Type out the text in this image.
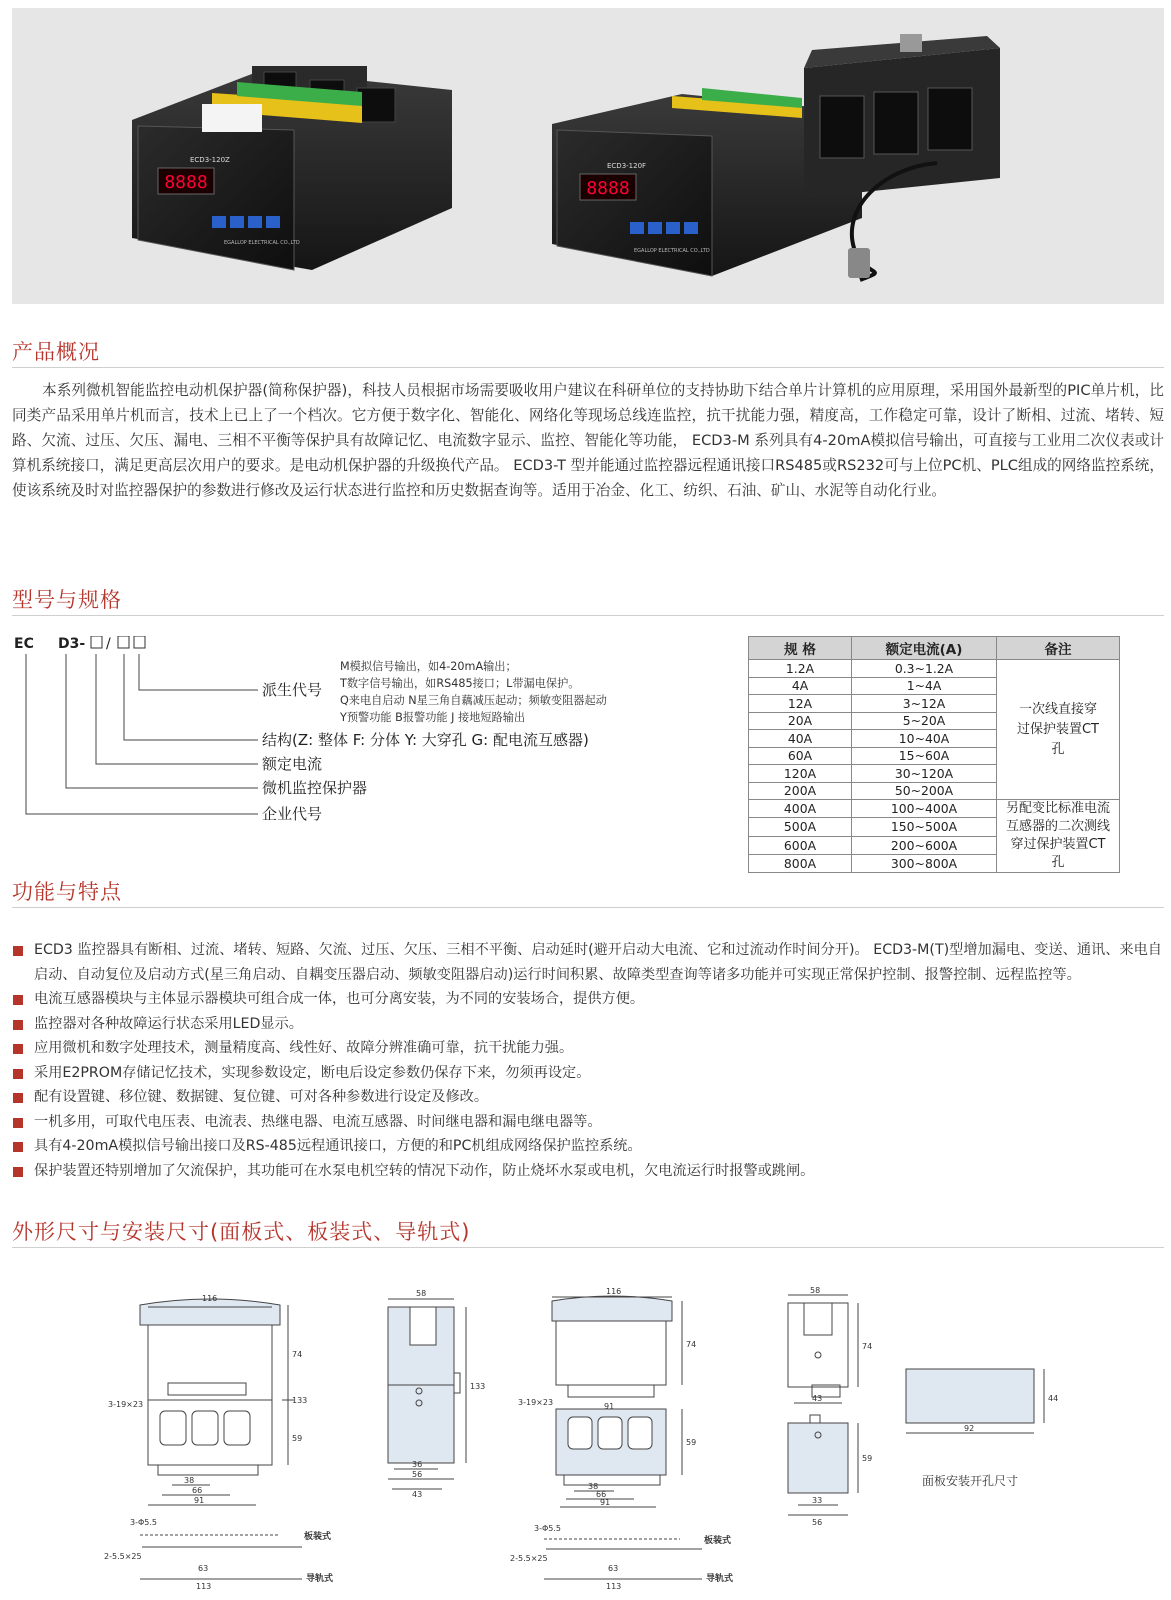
8888
ECD3-120Z
EGALLOP ELECTRICAL CO.,LTD
8888
ECD3-120F
EGALLOP ELECTRICAL CO.,LTD
产品概况
本系列微机智能监控电动机保护器(简称保护器)，科技人员根据市场需要吸收用户建议在科研单位的支持协助下结合单片计算机的应用原理，采用国外最新型的PIC单片机，比同类产品采用单片机而言，技术上已上了一个档次。它方便于数字化、智能化、网络化等现场总线连监控，抗干扰能力强，精度高，工作稳定可靠，设计了断相、过流、堵转、短路、欠流、过压、欠压、漏电、三相不平衡等保护具有故障记忆、电流数字显示、监控、智能化等功能， ECD3-M 系列具有4-20mA模拟信号输出，可直接与工业用二次仪表或计算机系统接口，满足更高层次用户的要求。是电动机保护器的升级换代产品。 ECD3-T 型并能通过监控器远程通讯接口RS485或RS232可与上位PC机、PLC组成的网络监控系统，使该系统及时对监控器保护的参数进行修改及运行状态进行监控和历史数据查询等。适用于冶金、化工、纺织、石油、矿山、水泥等自动化行业。
型号与规格
EC D3- /
派生代号
M模拟信号输出，如4-20mA输出；
T数字信号输出，如RS485接口；L带漏电保护。
Q来电自启动 N星三角自藕减压起动；频敏变阻器起动
Y预警功能 B报警功能 J 接地短路输出
结构(Z: 整体 F: 分体 Y: 大穿孔 G: 配电流互感器)
额定电流
微机监控保护器
企业代号
规 格	额定电流(A)	备注
1.2A	0.3~1.2A	一次线直接穿过保护装置CT孔
4A	1~4A	
12A	3~12A	
20A	5~20A	
40A	10~40A	
60A	15~60A	
120A	30~120A	
200A	50~200A	
400A	100~400A	另配变比标准电流互感器的二次测线穿过保护装置CT孔
500A	150~500A	
600A	200~600A	
800A	300~800A	
功能与特点
ECD3 监控器具有断相、过流、堵转、短路、欠流、过压、欠压、三相不平衡、启动延时(避开启动大电流、它和过流动作时间分开)。 ECD3-M(T)型增加漏电、变送、通讯、来电自启动、自动复位及启动方式(星三角启动、自耦变压器启动、频敏变阻器启动)运行时间积累、故障类型查询等诸多功能并可实现正常保护控制、报警控制、远程监控等。
电流互感器模块与主体显示器模块可组合成一体，也可分离安装，为不同的安装场合，提供方便。
监控器对各种故障运行状态采用LED显示。
应用微机和数字处理技术，测量精度高、线性好、故障分辨准确可靠，抗干扰能力强。
采用E2PROM存储记忆技术，实现参数设定，断电后设定参数仍保存下来，勿须再设定。
配有设置键、移位键、数据键、复位键、可对各种参数进行设定及修改。
一机多用，可取代电压表、电流表、热继电器、电流互感器、时间继电器和漏电继电器等。
具有4-20mA模拟信号输出接口及RS-485远程通讯接口，方便的和PC机组成网络保护监控系统。
保护装置还特别增加了欠流保护，其功能可在水泵电机空转的情况下动作，防止烧坏水泵或电机，欠电流运行时报警或跳闸。
外形尺寸与安装尺寸(面板式、板装式、导轨式)
116
74
133
59
3-19×23
38
66
91
3-Φ5.5
2-5.5×25
63
113
板装式
导轨式
58
133
36
56
43
116
74
91
3-19×23
59
38
66
91
3-Φ5.5
2-5.5×25
63
113
板装式
导轨式
58
74
43
59
33
56
44
92
面板安装开孔尺寸
